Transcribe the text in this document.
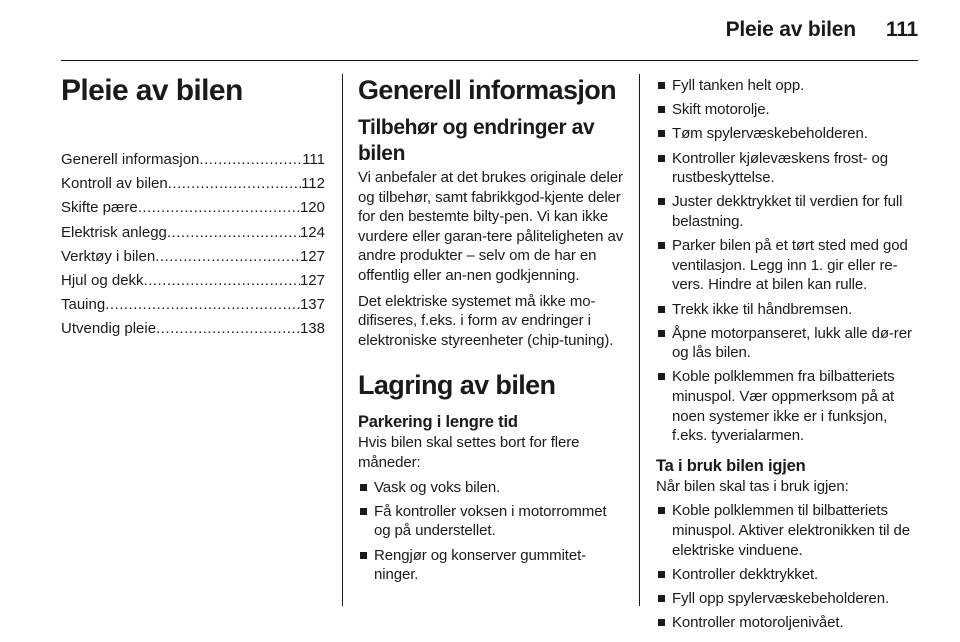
Pleie av bilen 111
Pleie av bilen
Generell informasjon .....	111
Kontroll av bilen .....	112
Skifte pære .....	120
Elektrisk anlegg .....	124
Verktøy i bilen .....	127
Hjul og dekk .....	127
Tauing .....	137
Utvendig pleie .....	138
Generell informasjon
Tilbehør og endringer av bilen

Vi anbefaler at det brukes originale deler og tilbehør, samt fabrikkgod-kjente deler for den bestemte bilty-pen. Vi kan ikke vurdere eller garan-tere påliteligheten av andre produkter – selv om de har en offentlig eller an-nen godkjenning.

Det elektriske systemet må ikke mo-difiseres, f.eks. i form av endringer i elektroniske styreenheter (chip-tuning).

Lagring av bilen
Parkering i lengre tid

Hvis bilen skal settes bort for flere måneder:

Vask og voks bilen.
Få kontroller voksen i motorrommet og på understellet.
Rengjør og konserver gummitet-ninger.
Fyll tanken helt opp.
Skift motorolje.
Tøm spylervæskebeholderen.
Kontroller kjølevæskens frost- og rustbeskyttelse.
Juster dekktrykket til verdien for full belastning.
Parker bilen på et tørt sted med god ventilasjon. Legg inn 1. gir eller re-vers. Hindre at bilen kan rulle.
Trekk ikke til håndbremsen.
Åpne motorpanseret, lukk alle dø-rer og lås bilen.
Koble polklemmen fra bilbatteriets minuspol. Vær oppmerksom på at noen systemer ikke er i funksjon, f.eks. tyverialarmen.
Ta i bruk bilen igjen

Når bilen skal tas i bruk igjen:

Koble polklemmen til bilbatteriets minuspol. Aktiver elektronikken til de elektriske vinduene.
Kontroller dekktrykket.
Fyll opp spylervæskebeholderen.
Kontroller motoroljenivået.
